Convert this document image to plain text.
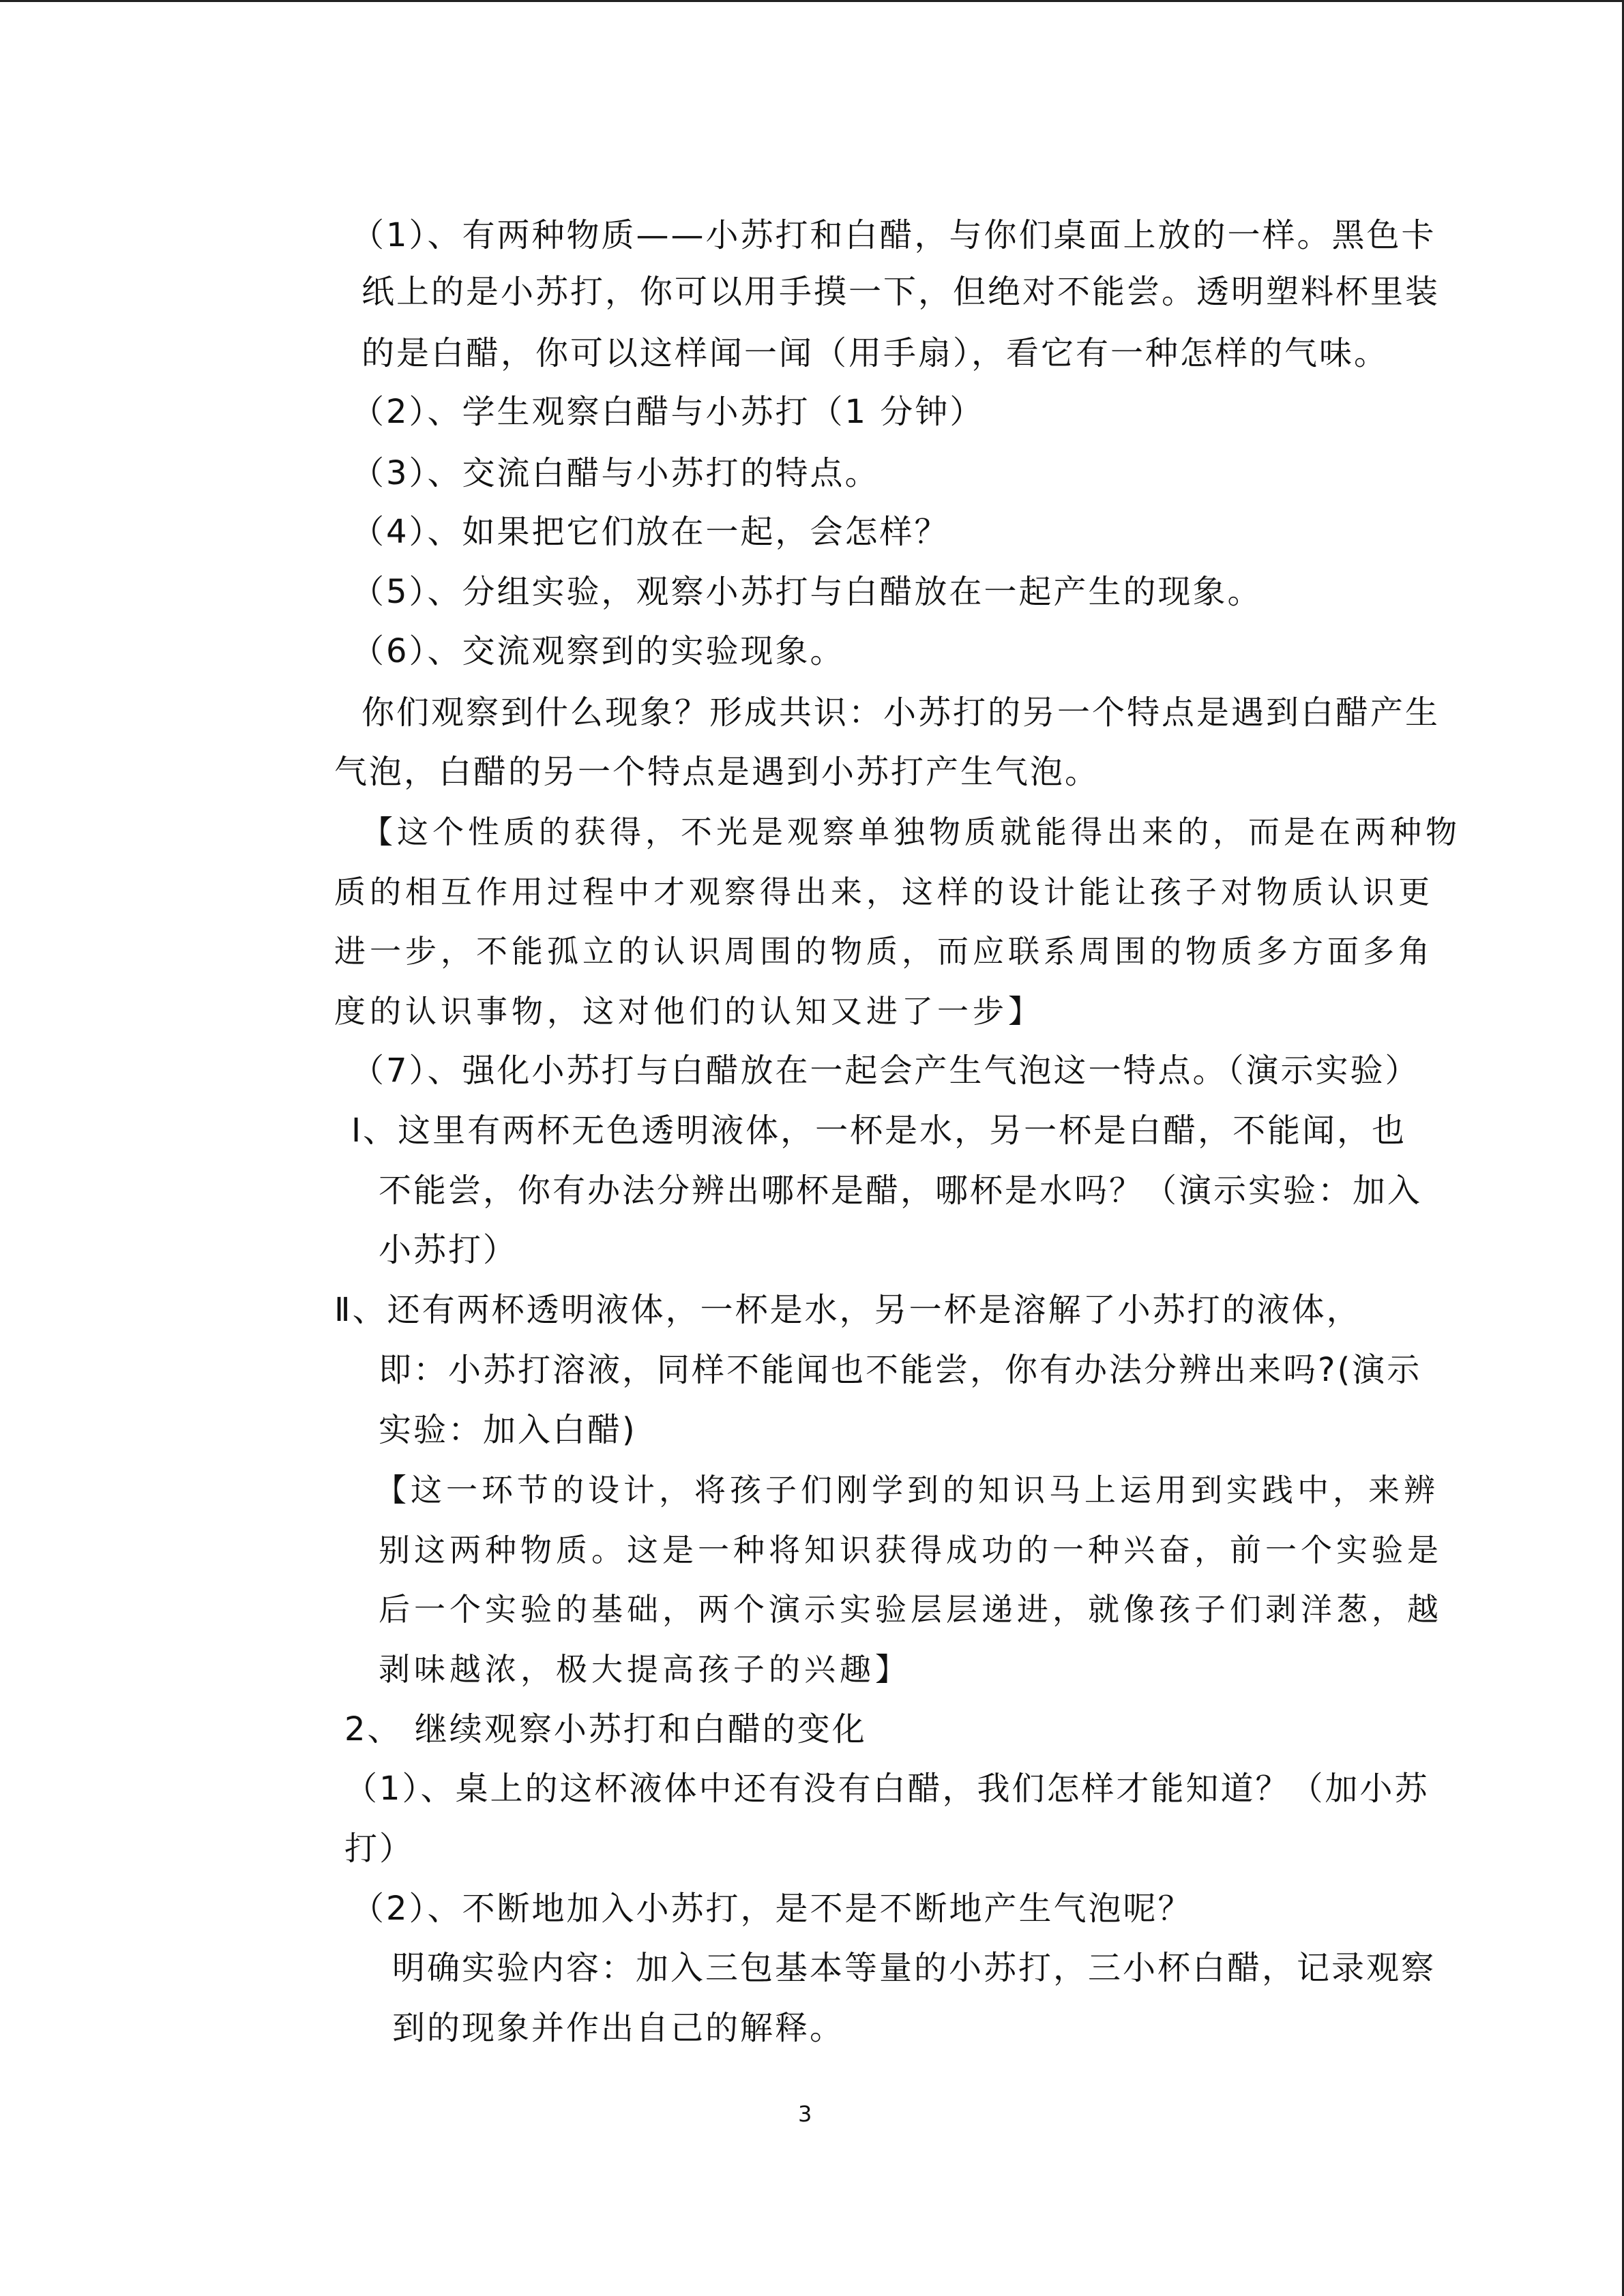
（1）、有两种物质——小苏打和白醋，与你们桌面上放的一样。黑色卡
纸上的是小苏打，你可以用手摸一下，但绝对不能尝。透明塑料杯里装
的是白醋，你可以这样闻一闻（用手扇），看它有一种怎样的气味。
（2）、学生观察白醋与小苏打（1 分钟）
（3）、交流白醋与小苏打的特点。
（4）、如果把它们放在一起，会怎样？
（5）、分组实验，观察小苏打与白醋放在一起产生的现象。
（6）、交流观察到的实验现象。
你们观察到什么现象？形成共识：小苏打的另一个特点是遇到白醋产生
气泡，白醋的另一个特点是遇到小苏打产生气泡。
【这个性质的获得，不光是观察单独物质就能得出来的，而是在两种物
质的相互作用过程中才观察得出来，这样的设计能让孩子对物质认识更
进一步，不能孤立的认识周围的物质，而应联系周围的物质多方面多角
度的认识事物，这对他们的认知又进了一步】
（7）、强化小苏打与白醋放在一起会产生气泡这一特点。（演示实验）
Ⅰ、这里有两杯无色透明液体，一杯是水，另一杯是白醋，不能闻，也
不能尝，你有办法分辨出哪杯是醋，哪杯是水吗？（演示实验：加入
小苏打）
Ⅱ、还有两杯透明液体，一杯是水，另一杯是溶解了小苏打的液体，
即：小苏打溶液，同样不能闻也不能尝，你有办法分辨出来吗?(演示
实验：加入白醋)
【这一环节的设计，将孩子们刚学到的知识马上运用到实践中，来辨
别这两种物质。这是一种将知识获得成功的一种兴奋，前一个实验是
后一个实验的基础，两个演示实验层层递进，就像孩子们剥洋葱，越
剥味越浓，极大提高孩子的兴趣】
2、 继续观察小苏打和白醋的变化
（1）、桌上的这杯液体中还有没有白醋，我们怎样才能知道？（加小苏
打）
（2）、不断地加入小苏打，是不是不断地产生气泡呢？
明确实验内容：加入三包基本等量的小苏打，三小杯白醋，记录观察
到的现象并作出自己的解释。
3
